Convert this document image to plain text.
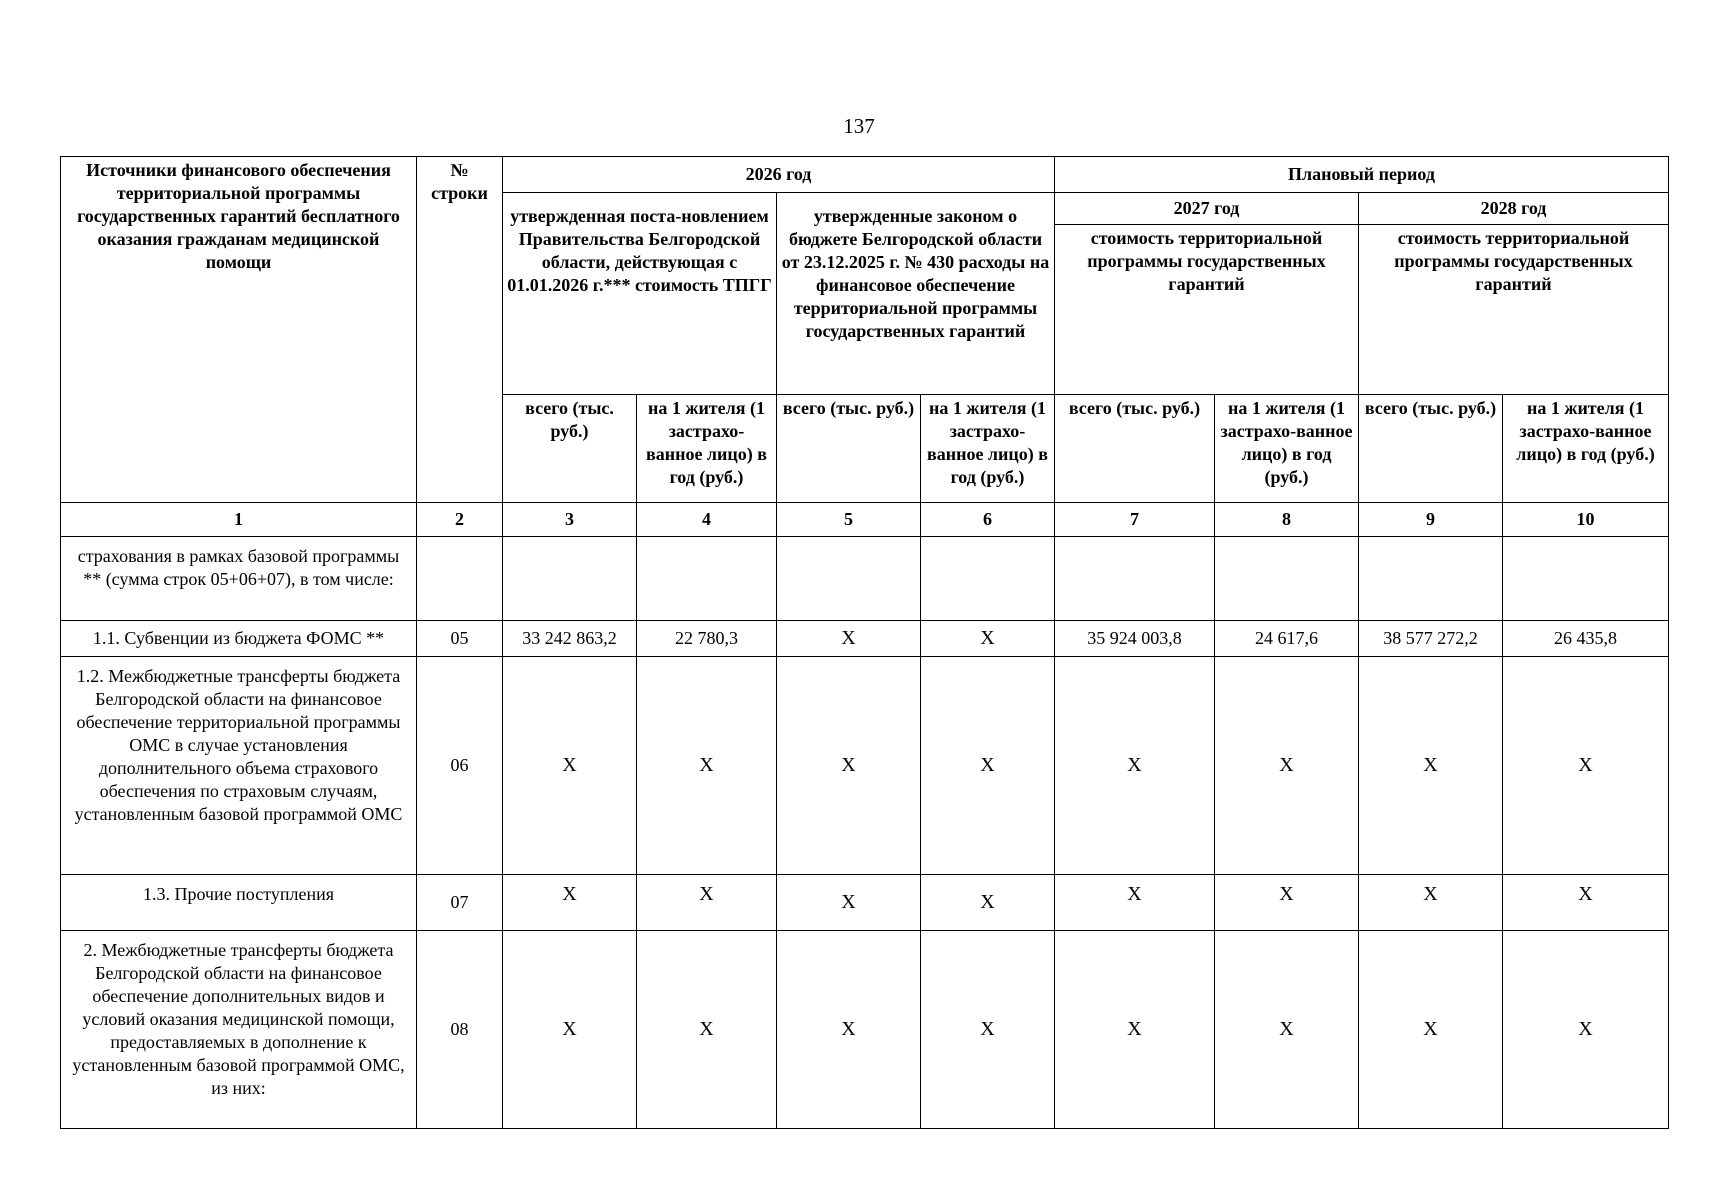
137
Источники финансового обеспечения территориальной программы государственных гарантий бесплатного оказания гражданам медицинской помощи	№ строки	2026 год				Плановый период			
		утвержденная поста-новлением Правительства Белгородской области, действующая с 01.01.2026 г.*** стоимость ТПГГ		утвержденные законом о бюджете Белгородской области от 23.12.2025 г. № 430 расходы на финансовое обеспечение территориальной программы государственных гарантий		2027 год		2028 год	
						стоимость территориальной программы государственных гарантий		стоимость территориальной программы государственных гарантий	
		всего (тыс. руб.)	на 1 жителя (1 застрахо-ванное лицо) в год (руб.)	всего (тыс. руб.)	на 1 жителя (1 застрахо-ванное лицо) в год (руб.)	всего (тыс. руб.)	на 1 жителя (1 застрахо-ванное лицо) в год (руб.)	всего (тыс. руб.)	на 1 жителя (1 застрахо-ванное лицо) в год (руб.)
1	2	3	4	5	6	7	8	9	10
страхования в рамках базовой программы ** (сумма строк 05+06+07), в том числе:									
1.1. Субвенции из бюджета ФОМС **	05	33 242 863,2	22 780,3	X	X	35 924 003,8	24 617,6	38 577 272,2	26 435,8
1.2. Межбюджетные трансферты бюджета Белгородской области на финансовое обеспечение территориальной программы ОМС в случае установления дополнительного объема страхового обеспечения по страховым случаям, установленным базовой программой ОМС	06	X	X	X	X	X	X	X	X
1.3. Прочие поступления	07	X	X	X	X	X	X	X	X
2. Межбюджетные трансферты бюджета Белгородской области на финансовое обеспечение дополнительных видов и условий оказания медицинской помощи, предоставляемых в дополнение к установленным базовой программой ОМС, из них:	08	X	X	X	X	X	X	X	X
